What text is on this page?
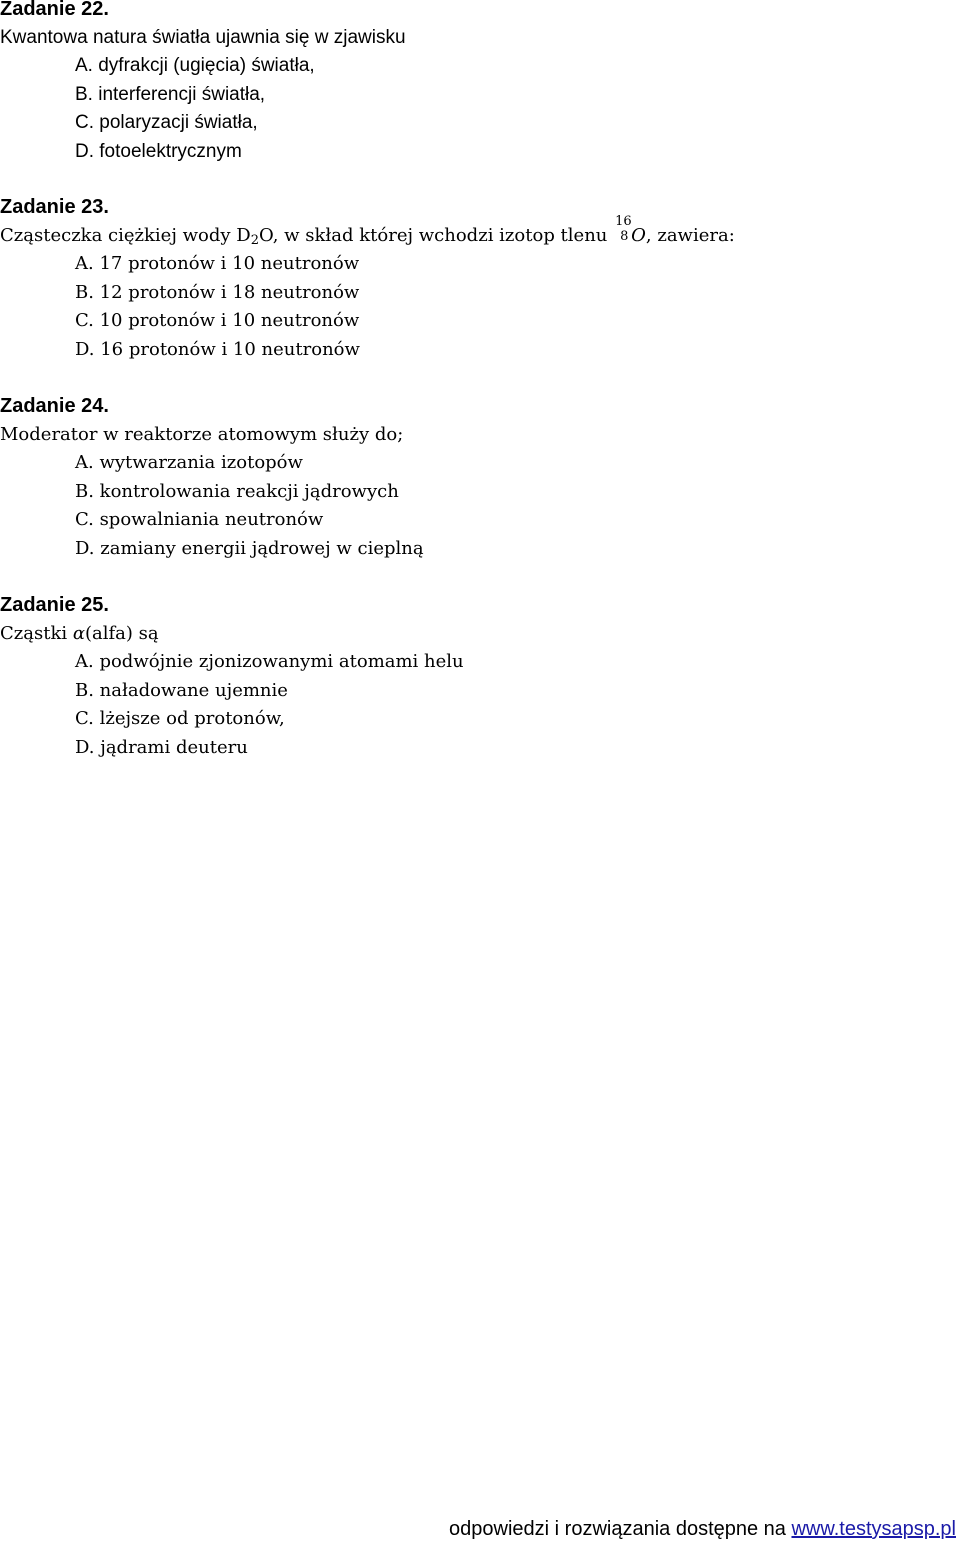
Zadanie 22.
Kwantowa natura światła ujawnia się w zjawisku
A. dyfrakcji (ugięcia) światła,
B. interferencji światła,
C. polaryzacji światła,
D. fotoelektrycznym
Zadanie 23.
Cząsteczka ciężkiej wody $D_2O$, w skład której wchodzi izotop tlenu
16
8 O, zawiera:
A. 17 protonów i 10 neutronów
B. 12 protonów i 18 neutronów
C. 10 protonów i 10 neutronów
D. 16 protonów i 10 neutronów
Zadanie 24.
Moderator w reaktorze atomowym służy do;
A. wytwarzania izotopów
B. kontrolowania reakcji jądrowych
C. spowalniania neutronów
D. zamiany energii jądrowej w cieplną
Zadanie 25.
Cząstki α(alfa) są
A. podwójnie zjonizowanymi atomami helu
B. naładowane ujemnie
C. lżejsze od protonów,
D. jądrami deuteru
odpowiedzi i rozwiązania dostępne na www.testysapsp.pl
